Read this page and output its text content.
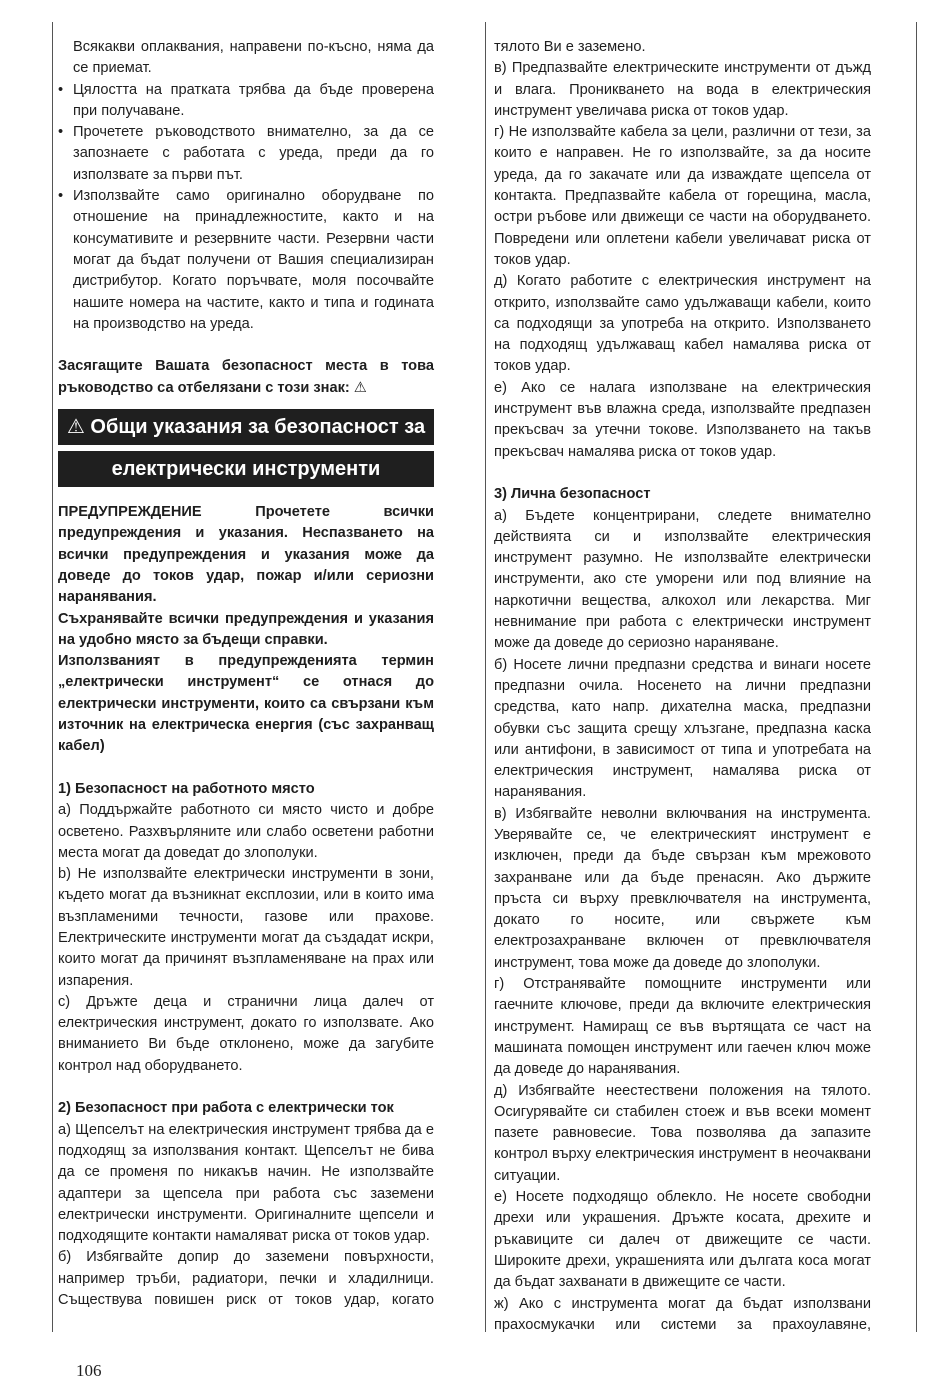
Всякакви оплаквания, направени по-късно, няма да се приемат.

• Цялостта на пратката трябва да бъде проверена при получаване.

• Прочетете ръководството внимателно, за да се запознаете с работата с уреда, преди да го използвате за първи път.

• Използвайте само оригинално оборудване по отношение на принадлежностите, както и на консумативите и резервните части. Резервни части могат да бъдат получени от Вашия специализиран дистрибутор. Когато поръчвате, моля посочвайте нашите номера на частите, както и типа и годината на производство на уреда.

Засягащите Вашата безопасност места в това ръководство са отбелязани с този знак: ⚠

⚠ Общи указания за безопасност за
електрически инструменти

ПРЕДУПРЕЖДЕНИЕ	Прочетете всички предупреждения и указания. Неспазването на всички предупреждения и указания може да доведе до токов удар, пожар и/или сериозни наранявания.

Съхранявайте всички предупреждения и указания на удобно място за бъдещи справки.

Използваният в предупрежденията термин „електрически инструмент“ се отнася до електрически инструменти, които са свързани към източник на електрическа енергия (със захранващ кабел)

1) Безопасност на работното място

а) Поддържайте работното си място чисто и добре осветено. Разхвърляните или слабо осветени работни места могат да доведат до злополуки.

b) Не използвайте електрически инструменти в зони, където могат да възникнат експлозии, или в които има възпламеними течности, газове или прахове. Електрическите инструменти могат да създадат искри, които могат да причинят възпламеняване на прах или изпарения.

c) Дръжте деца и странични лица далеч от електрическия инструмент, докато го използвате. Ако вниманието Ви бъде отклонено, може да загубите контрол над оборудването.

2) Безопасност при работа с електрически ток

а) Щепселът на електрическия инструмент трябва да е подходящ за използвания контакт. Щепселът не бива да се променя по никакъв начин. Не използвайте адаптери за щепсела при работа със заземени електрически инструменти. Оригиналните щепсели и подходящите контакти намаляват риска от токов удар.

б) Избягвайте допир до заземени повърхности, например тръби, радиатори, печки и хладилници. Съществува повишен риск от токов удар, когато

тялото Ви е заземено.

в) Предпазвайте електрическите инструменти от дъжд и влага. Проникването на вода в електрическия инструмент увеличава риска от токов удар.

г) Не използвайте кабела за цели, различни от тези, за които е направен. Не го използвайте, за да носите уреда, да го закачате или да изваждате щепсела от контакта. Предпазвайте кабела от горещина, масла, остри ръбове или движещи се части на оборудването. Повредени или оплетени кабели увеличават риска от токов удар.

д) Когато работите с електрическия инструмент на открито, използвайте само удължаващи кабели, които са подходящи за употреба на открито. Използването на подходящ удължаващ кабел намалява риска от токов удар.

е) Ако се налага използване на електрическия инструмент във влажна среда, използвайте предпазен прекъсвач за утечни токове. Използването на такъв прекъсвач намалява риска от токов удар.

3) Лична безопасност

а) Бъдете концентрирани, следете внимателно действията си и използвайте електрическия инструмент разумно. Не използвайте електрически инструменти, ако сте уморени или под влияние на наркотични вещества, алкохол или лекарства. Миг невнимание при работа с електрически инструмент може да доведе до сериозно нараняване.

б) Носете лични предпазни средства и винаги носете предпазни очила. Носенето на лични предпазни средства, като напр. дихателна маска, предпазни обувки със защита срещу хлъзгане, предпазна каска или антифони, в зависимост от типа и употребата на електрическия инструмент, намалява риска от наранявания.

в) Избягвайте неволни включвания на инструмента. Уверявайте се, че електрическият инструмент е изключен, преди да бъде свързан към мрежовото захранване или да бъде пренасян. Ако държите пръста си върху превключвателя на инструмента, докато го носите, или свържете към електрозахранване включен от превключвателя инструмент, това може да доведе до злополуки.

г) Отстранявайте помощните инструменти или гаечните ключове, преди да включите електрическия инструмент. Намиращ се във въртящата се част на машината помощен инструмент или гаечен ключ може да доведе до наранявания.

д) Избягвайте неестествени положения на тялото. Осигурявайте си стабилен стоеж и във всеки момент пазете равновесие. Това позволява да запазите контрол върху електрическия инструмент в неочаквани ситуации.

е) Носете подходящо облекло. Не носете свободни дрехи или украшения. Дръжте косата, дрехите и ръкавиците си далеч от движещите се части. Широките дрехи, украшенията или дългата коса могат да бъдат захванати в движещите се части.

ж) Ако с инструмента могат да бъдат използвани прахосмукачки или системи за прахоулавяне,

106
